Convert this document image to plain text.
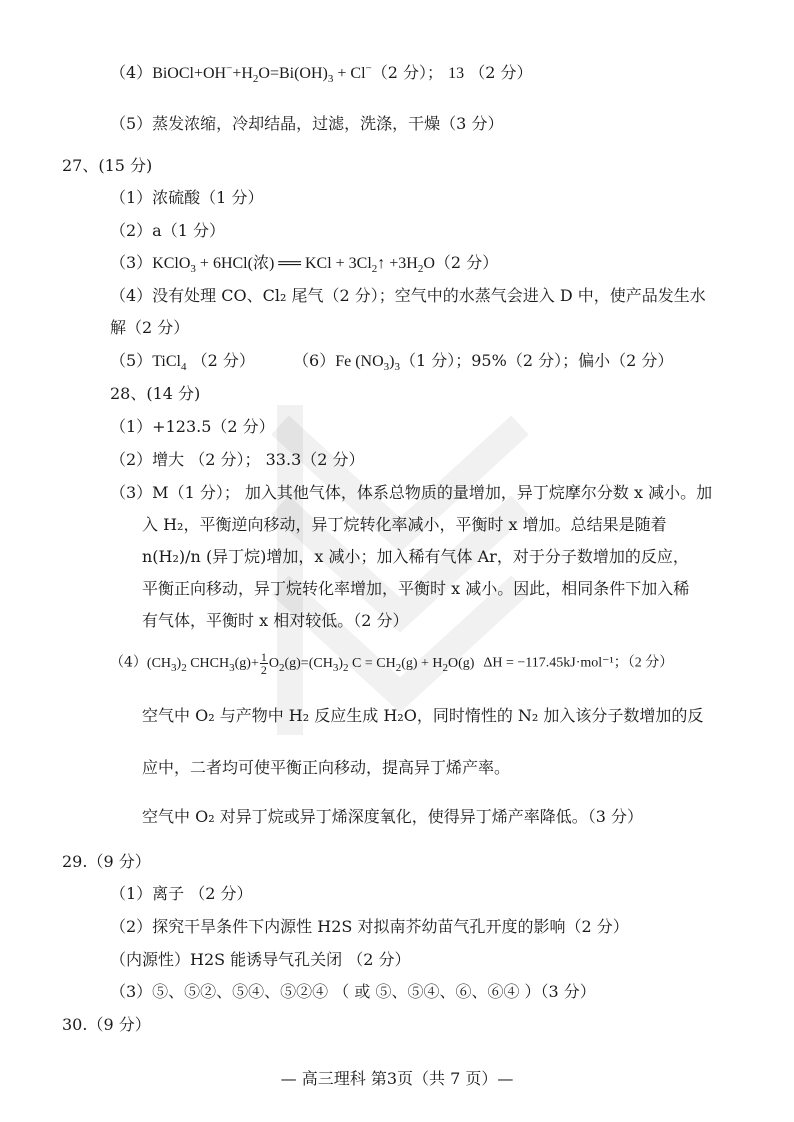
$(4)BiOCl+OH^-+H_2O=Bi(OH)_3 + Cl^-(2$ 分）； 13 （2 分）
（5）蒸发浓缩，冷却结晶，过滤，洗涤，干燥（3 分）
27、(15 分)
（1）浓硫酸（1 分）
（2）a（1 分）
（3）KClO$_3$ + 6HCl(浓) ══ KCl + $3Cl_2↑ +3H_2O(2$ 分）
（4）没有处理 CO、Cl₂ 尾气（2 分）；空气中的水蒸气会进入 D 中，使产品发生水
解（2 分）
（5）TiCl$_4$ （2 分） （6）Fe $(NO_3)_3(1$ 分）；95%（2 分）；偏小（2 分）
28、(14 分)
（1）+123.5（2 分）
（2）增大 （2 分）； 33.3（2 分）
（3）M（1 分）； 加入其他气体，体系总物质的量增加，异丁烷摩尔分数 x 减小。加
入 H₂，平衡逆向移动，异丁烷转化率减小，平衡时 x 增加。总结果是随着
n(H₂)/n (异丁烷)增加，x 减小；加入稀有气体 Ar，对于分子数增加的反应，
平衡正向移动，异丁烷转化率增加，平衡时 x 减小。因此，相同条件下加入稀
有气体，平衡时 x 相对较低。（2 分）
$(4)(CH_3)_2$ $CHCH_3(g)+ \frac{1}{2} O_2(g)=(CH_3)_2$ $C = CH_2(g) + H_2O(g) \Delta H = -117.45kJ\cdot mol^{-1}$；（2 分）
空气中 O₂ 与产物中 H₂ 反应生成 H₂O，同时惰性的 N₂ 加入该分子数增加的反
应中，二者均可使平衡正向移动，提高异丁烯产率。
空气中 O₂ 对异丁烷或异丁烯深度氧化，使得异丁烯产率降低。（3 分）
29.（9 分）
（1）离子 （2 分）
（2）探究干旱条件下内源性 H2S 对拟南芥幼苗气孔开度的影响（2 分）
（内源性）H2S 能诱导气孔关闭 （2 分）
（3）⑤、⑤②、⑤④、⑤②④ （ 或 ⑤、⑤④、⑥、⑥④ ）（3 分）
30.（9 分）
— 高三理科 第3页（共 7 页）—
